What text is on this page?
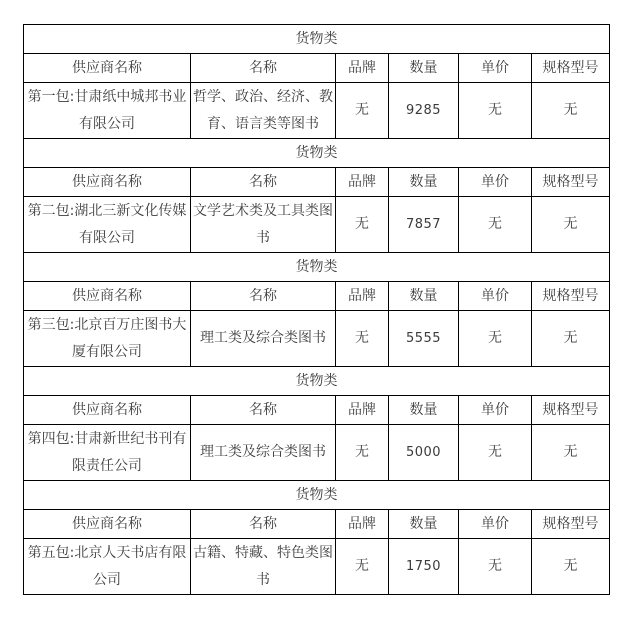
货物类					
供应商名称	名称	品牌	数量	单价	规格型号
第一包:甘肃纸中城邦书业有限公司	哲学、政治、经济、教育、语言类等图书	无	9285	无	无
货物类					
供应商名称	名称	品牌	数量	单价	规格型号
第二包:湖北三新文化传媒有限公司	文学艺术类及工具类图书	无	7857	无	无
货物类					
供应商名称	名称	品牌	数量	单价	规格型号
第三包:北京百万庄图书大厦有限公司	理工类及综合类图书	无	5555	无	无
货物类					
供应商名称	名称	品牌	数量	单价	规格型号
第四包:甘肃新世纪书刊有限责任公司	理工类及综合类图书	无	5000	无	无
货物类					
供应商名称	名称	品牌	数量	单价	规格型号
第五包:北京人天书店有限公司	古籍、特藏、特色类图书	无	1750	无	无
